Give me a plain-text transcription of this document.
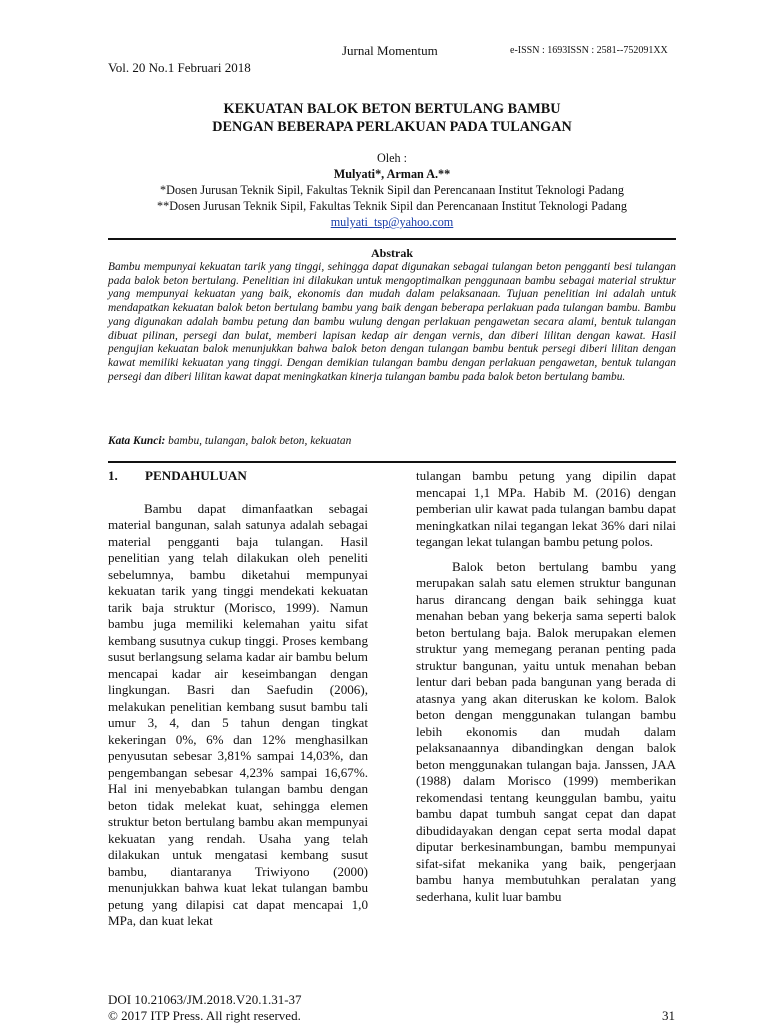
Jurnal Momentum	e-ISSN : 1693ISSN : 2581--752091XX
Vol. 20 No.1 Februari 2018
KEKUATAN BALOK BETON BERTULANG BAMBU
DENGAN BEBERAPA PERLAKUAN PADA TULANGAN
Oleh :
Mulyati*, Arman A.**
*Dosen Jurusan Teknik Sipil, Fakultas Teknik Sipil dan Perencanaan Institut Teknologi Padang
**Dosen Jurusan Teknik Sipil, Fakultas Teknik Sipil dan Perencanaan Institut Teknologi Padang
mulyati_tsp@yahoo.com
Abstrak

Bambu mempunyai kekuatan tarik yang tinggi, sehingga dapat digunakan sebagai tulangan beton pengganti besi tulangan pada balok beton bertulang. Penelitian ini dilakukan untuk mengoptimalkan penggunaan bambu sebagai material struktur yang mempunyai kekuatan yang baik, ekonomis dan mudah dalam pelaksanaan. Tujuan penelitian ini adalah untuk mendapatkan kekuatan balok beton bertulang bambu yang baik dengan beberapa perlakuan pada tulangan bambu. Bambu yang digunakan adalah bambu petung dan bambu wulung dengan perlakuan pengawetan secara alami, bentuk tulangan dibuat pilinan, persegi dan bulat, memberi lapisan kedap air dengan vernis, dan diberi lilitan dengan kawat. Hasil pengujian kekuatan balok menunjukkan bahwa balok beton dengan tulangan bambu bentuk persegi diberi lilitan dengan kawat memiliki kekuatan yang tinggi. Dengan demikian tulangan bambu dengan perlakuan pengawetan, bentuk tulangan persegi dan diberi lilitan kawat dapat meningkatkan kinerja tulangan bambu pada balok beton bertulang bambu.

Kata Kunci: bambu, tulangan, balok beton, kekuatan

1. PENDAHULUAN

Bambu dapat dimanfaatkan sebagai material bangunan, salah satunya adalah sebagai material pengganti baja tulangan. Hasil penelitian yang telah dilakukan oleh peneliti sebelumnya, bambu diketahui mempunyai kekuatan tarik yang tinggi mendekati kekuatan tarik baja struktur (Morisco, 1999). Namun bambu juga memiliki kelemahan yaitu sifat kembang susutnya cukup tinggi. Proses kembang susut berlangsung selama kadar air bambu belum mencapai kadar air keseimbangan dengan lingkungan. Basri dan Saefudin (2006), melakukan penelitian kembang susut bambu tali umur 3, 4, dan 5 tahun dengan tingkat kekeringan 0%, 6% dan 12% menghasilkan penyusutan sebesar 3,81% sampai 14,03%, dan pengembangan sebesar 4,23% sampai 16,67%. Hal ini menyebabkan tulangan bambu dengan beton tidak melekat kuat, sehingga elemen struktur beton bertulang bambu akan mempunyai kekuatan yang rendah. Usaha yang telah dilakukan untuk mengatasi kembang susut bambu, diantaranya Triwiyono (2000) menunjukkan bahwa kuat lekat tulangan bambu petung yang dilapisi cat dapat mencapai 1,0 MPa, dan kuat lekat

tulangan bambu petung yang dipilin dapat mencapai 1,1 MPa. Habib M. (2016) dengan pemberian ulir kawat pada tulangan bambu dapat meningkatkan nilai tegangan lekat 36% dari nilai tegangan lekat tulangan bambu petung polos.

Balok beton bertulang bambu yang merupakan salah satu elemen struktur bangunan harus dirancang dengan baik sehingga kuat menahan beban yang bekerja sama seperti balok beton bertulang baja. Balok merupakan elemen struktur yang memegang peranan penting pada struktur bangunan, yaitu untuk menahan beban lentur dari beban pada bangunan yang berada di atasnya yang akan diteruskan ke kolom. Balok beton dengan menggunakan tulangan bambu lebih ekonomis dan mudah dalam pelaksanaannya dibandingkan dengan balok beton menggunakan tulangan baja. Janssen, JAA (1988) dalam Morisco (1999) memberikan rekomendasi tentang keunggulan bambu, yaitu bambu dapat tumbuh sangat cepat dan dapat dibudidayakan dengan cepat serta modal dapat diputar berkesinambungan, bambu mempunyai sifat-sifat mekanika yang baik, pengerjaan bambu hanya membutuhkan peralatan yang sederhana, kulit luar bambu

DOI 10.21063/JM.2018.V20.1.31-37
© 2017 ITP Press. All right reserved.	31
